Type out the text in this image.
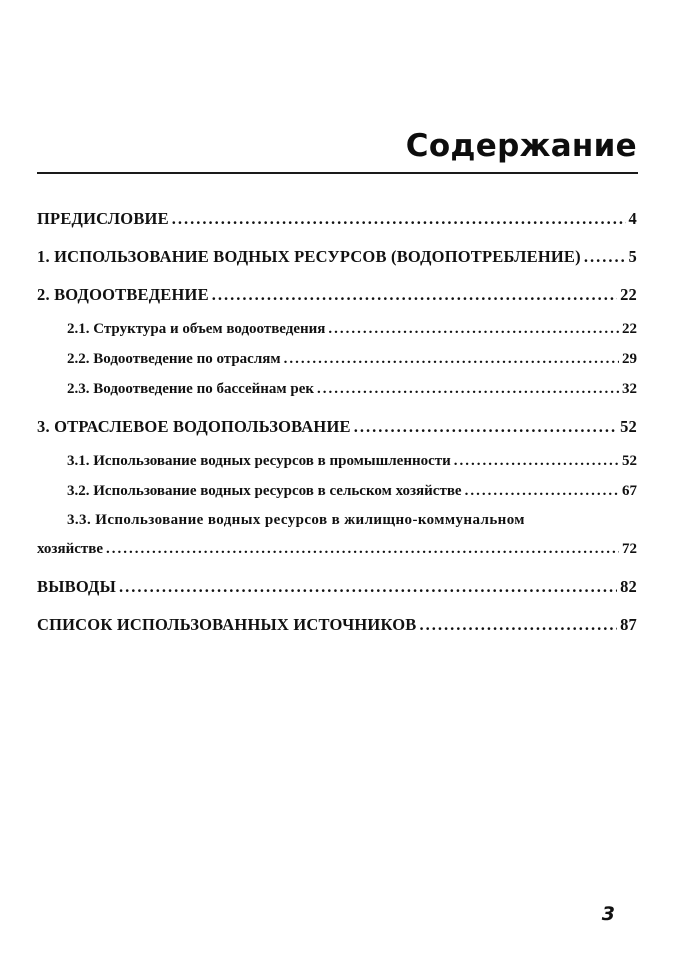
Содержание
ПРЕДИСЛОВИЕ .....	4
1. ИСПОЛЬЗОВАНИЕ ВОДНЫХ РЕСУРСОВ (ВОДОПОТРЕБЛЕНИЕ) .....	5
2. ВОДООТВЕДЕНИЕ .....	22
2.1. Структура и объем водоотведения .....	22
2.2. Водоотведение по отраслям .....	29
2.3. Водоотведение по бассейнам рек .....	32
3. ОТРАСЛЕВОЕ ВОДОПОЛЬЗОВАНИЕ .....	52
3.1. Использование водных ресурсов в промышленности .....	52
3.2. Использование водных ресурсов в сельском хозяйстве .....	67
3.3. Использование водных ресурсов в жилищно-коммунальном
хозяйстве .....	72
ВЫВОДЫ .....	82
СПИСОК ИСПОЛЬЗОВАННЫХ ИСТОЧНИКОВ .....	87
3
